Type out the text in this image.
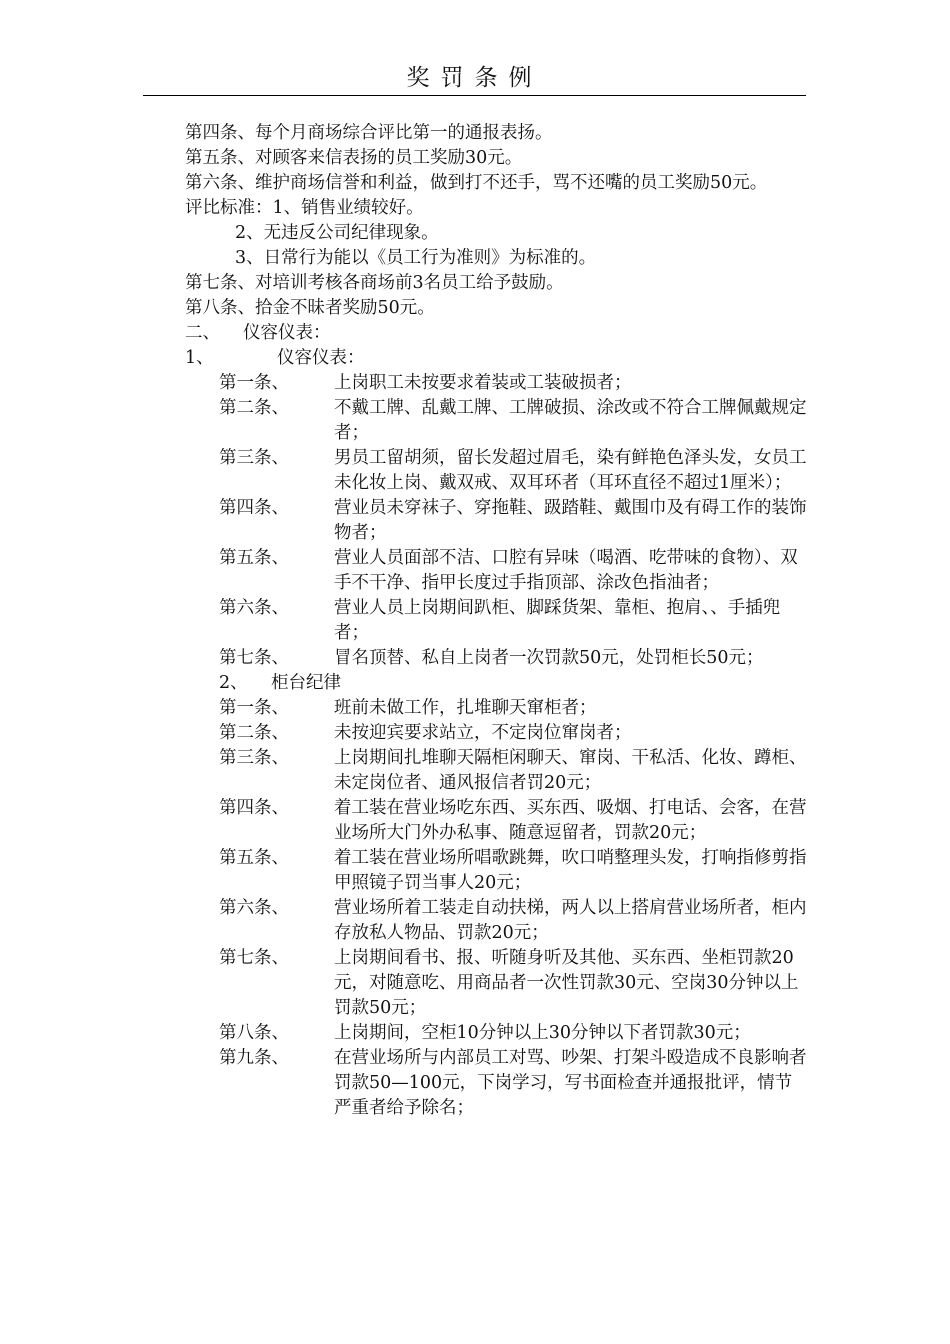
奖罚条例

第四条、每个月商场综合评比第一的通报表扬。

第五条、对顾客来信表扬的员工奖励30元。

第六条、维护商场信誉和利益，做到打不还手，骂不还嘴的员工奖励50元。

评比标准：1、销售业绩较好。

2、无违反公司纪律现象。

3、日常行为能以《员工行为准则》为标准的。

第七条、对培训考核各商场前3名员工给予鼓励。

第八条、拾金不昧者奖励50元。

二、 仪容仪表：

1、	仪容仪表：

第一条、	上岗职工未按要求着装或工装破损者；
第二条、	不戴工牌、乱戴工牌、工牌破损、涂改或不符合工牌佩戴规定者；
第三条、	男员工留胡须，留长发超过眉毛，染有鲜艳色泽头发，女员工未化妆上岗、戴双戒、双耳环者（耳环直径不超过1厘米）；
第四条、	营业员未穿袜子、穿拖鞋、趿踏鞋、戴围巾及有碍工作的装饰物者；
第五条、	营业人员面部不洁、口腔有异味（喝酒、吃带味的食物）、双手不干净、指甲长度过手指顶部、涂改色指油者；
第六条、	营业人员上岗期间趴柜、脚踩货架、靠柜、抱肩、、手插兜者；
第七条、	冒名顶替、私自上岗者一次罚款50元，处罚柜长50元；

2、 柜台纪律

第一条、	班前未做工作，扎堆聊天窜柜者；
第二条、	未按迎宾要求站立，不定岗位窜岗者；
第三条、	上岗期间扎堆聊天隔柜闲聊天、窜岗、干私活、化妆、蹲柜、未定岗位者、通风报信者罚20元；
第四条、	着工装在营业场吃东西、买东西、吸烟、打电话、会客，在营业场所大门外办私事、随意逗留者，罚款20元；
第五条、	着工装在营业场所唱歌跳舞，吹口哨整理头发，打响指修剪指甲照镜子罚当事人20元；
第六条、	营业场所着工装走自动扶梯，两人以上搭肩营业场所者，柜内存放私人物品、罚款20元；
第七条、	上岗期间看书、报、听随身听及其他、买东西、坐柜罚款20元，对随意吃、用商品者一次性罚款30元、空岗30分钟以上罚款50元；
第八条、	上岗期间，空柜10分钟以上30分钟以下者罚款30元；
第九条、	在营业场所与内部员工对骂、吵架、打架斗殴造成不良影响者罚款50—100元，下岗学习，写书面检查并通报批评，情节严重者给予除名；
